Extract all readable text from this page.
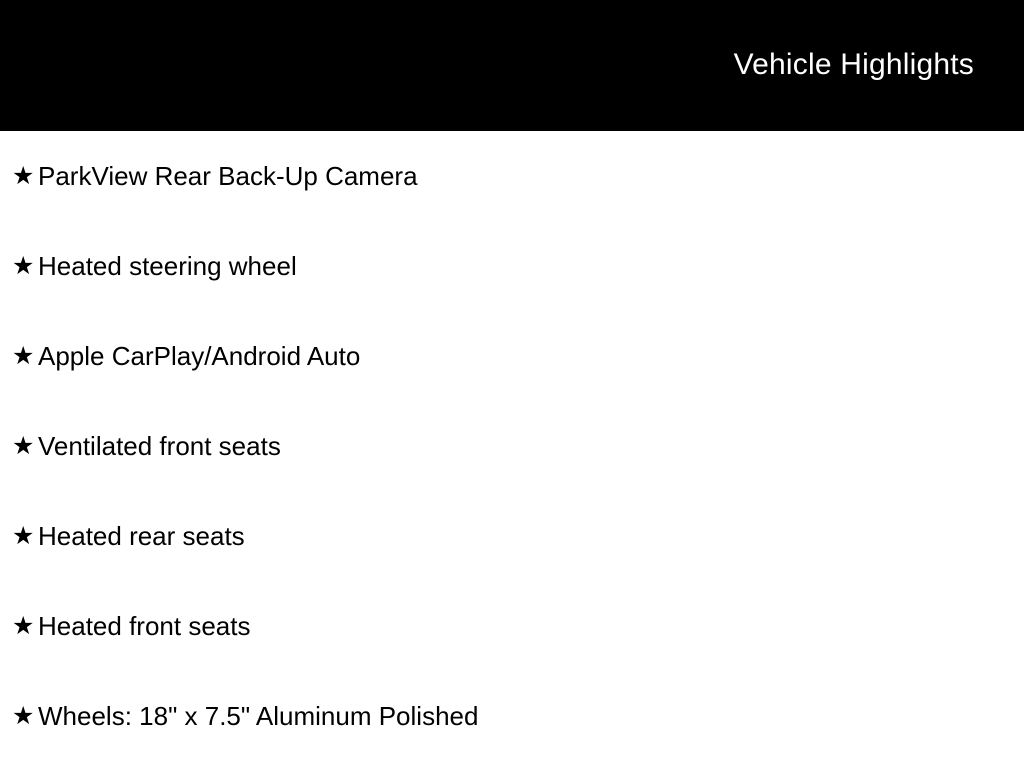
Vehicle Highlights
★ ParkView Rear Back-Up Camera
★ Heated steering wheel
★ Apple CarPlay/Android Auto
★ Ventilated front seats
★ Heated rear seats
★ Heated front seats
★ Wheels: 18" x 7.5" Aluminum Polished
